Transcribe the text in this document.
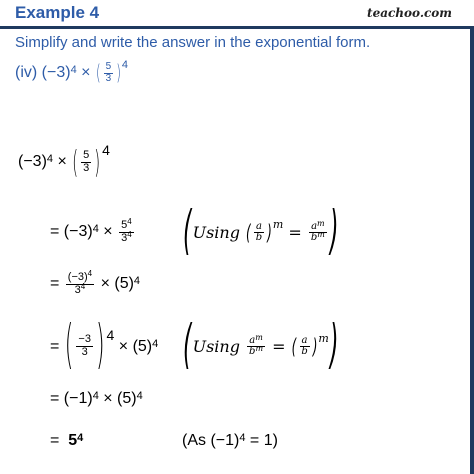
Example 4	teachoo.com
Simplify and write the answer in the exponential form.
(iv)
$(-3)^4$
×
( $\frac{5}{3} )^4$
$(-3)^4$
×
( $\frac{5}{3}$ ) 4
= $(-3)^4$
×
$\frac{5^4}{3^4}$ ( Using
( $\frac{a}{b} )^m$
=
$\frac{a^m}{b^m}$ )
=
$\frac{(-3)^4}{3^4}$
× $(5)^4$
=
( $\frac{-3}{3}$ ) 4

× $(5)^4$ ( Using
$\frac{a^m}{b^m}$
=
( $\frac{a}{b} )^m$ )
= $(-1)^4$
× $(5)^4$
=
$5^4$	(As $(-1)^4$
= 1)
